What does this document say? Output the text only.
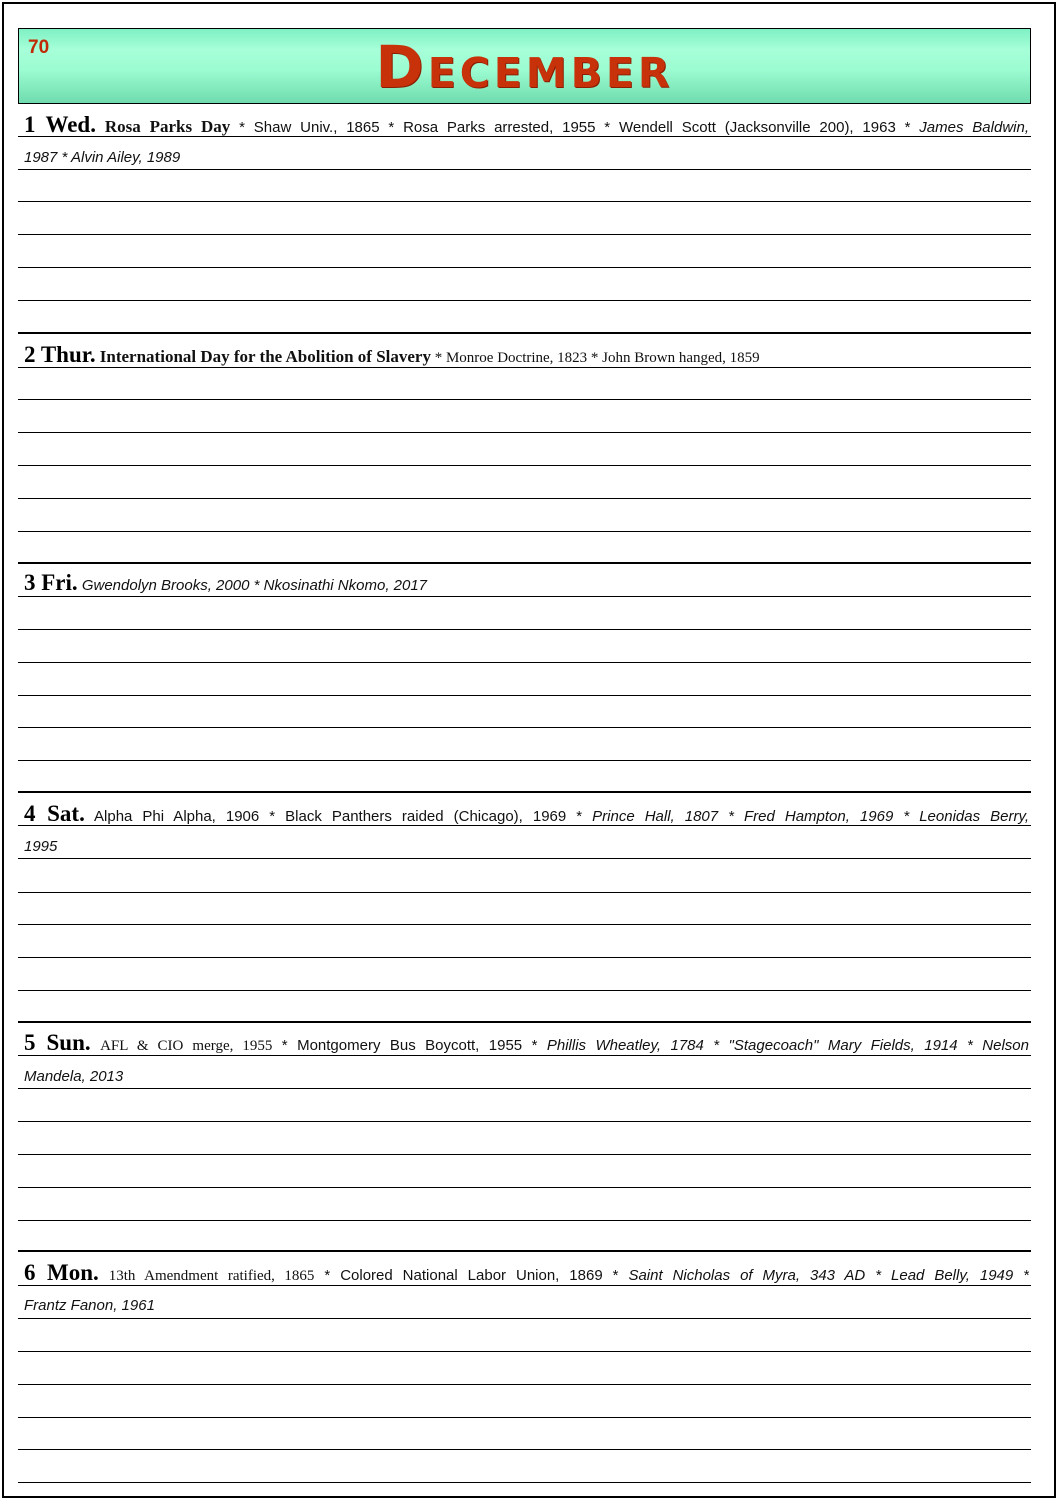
70	December
1 Wed. Rosa Parks Day * Shaw Univ., 1865 * Rosa Parks arrested, 1955 * Wendell Scott (Jacksonville 200), 1963 * James Baldwin,
1987 * Alvin Ailey, 1989
2 Thur. International Day for the Abolition of Slavery * Monroe Doctrine, 1823 * John Brown hanged, 1859
3 Fri. Gwendolyn Brooks, 2000 * Nkosinathi Nkomo, 2017
4 Sat. Alpha Phi Alpha, 1906 * Black Panthers raided (Chicago), 1969 * Prince Hall, 1807 * Fred Hampton, 1969 * Leonidas Berry,
1995
5 Sun. AFL & CIO merge, 1955 * Montgomery Bus Boycott, 1955 * Phillis Wheatley, 1784 * "Stagecoach" Mary Fields, 1914 * Nelson
Mandela, 2013
6 Mon. 13th Amendment ratified, 1865 * Colored National Labor Union, 1869 * Saint Nicholas of Myra, 343 AD * Lead Belly, 1949 *
Frantz Fanon, 1961
